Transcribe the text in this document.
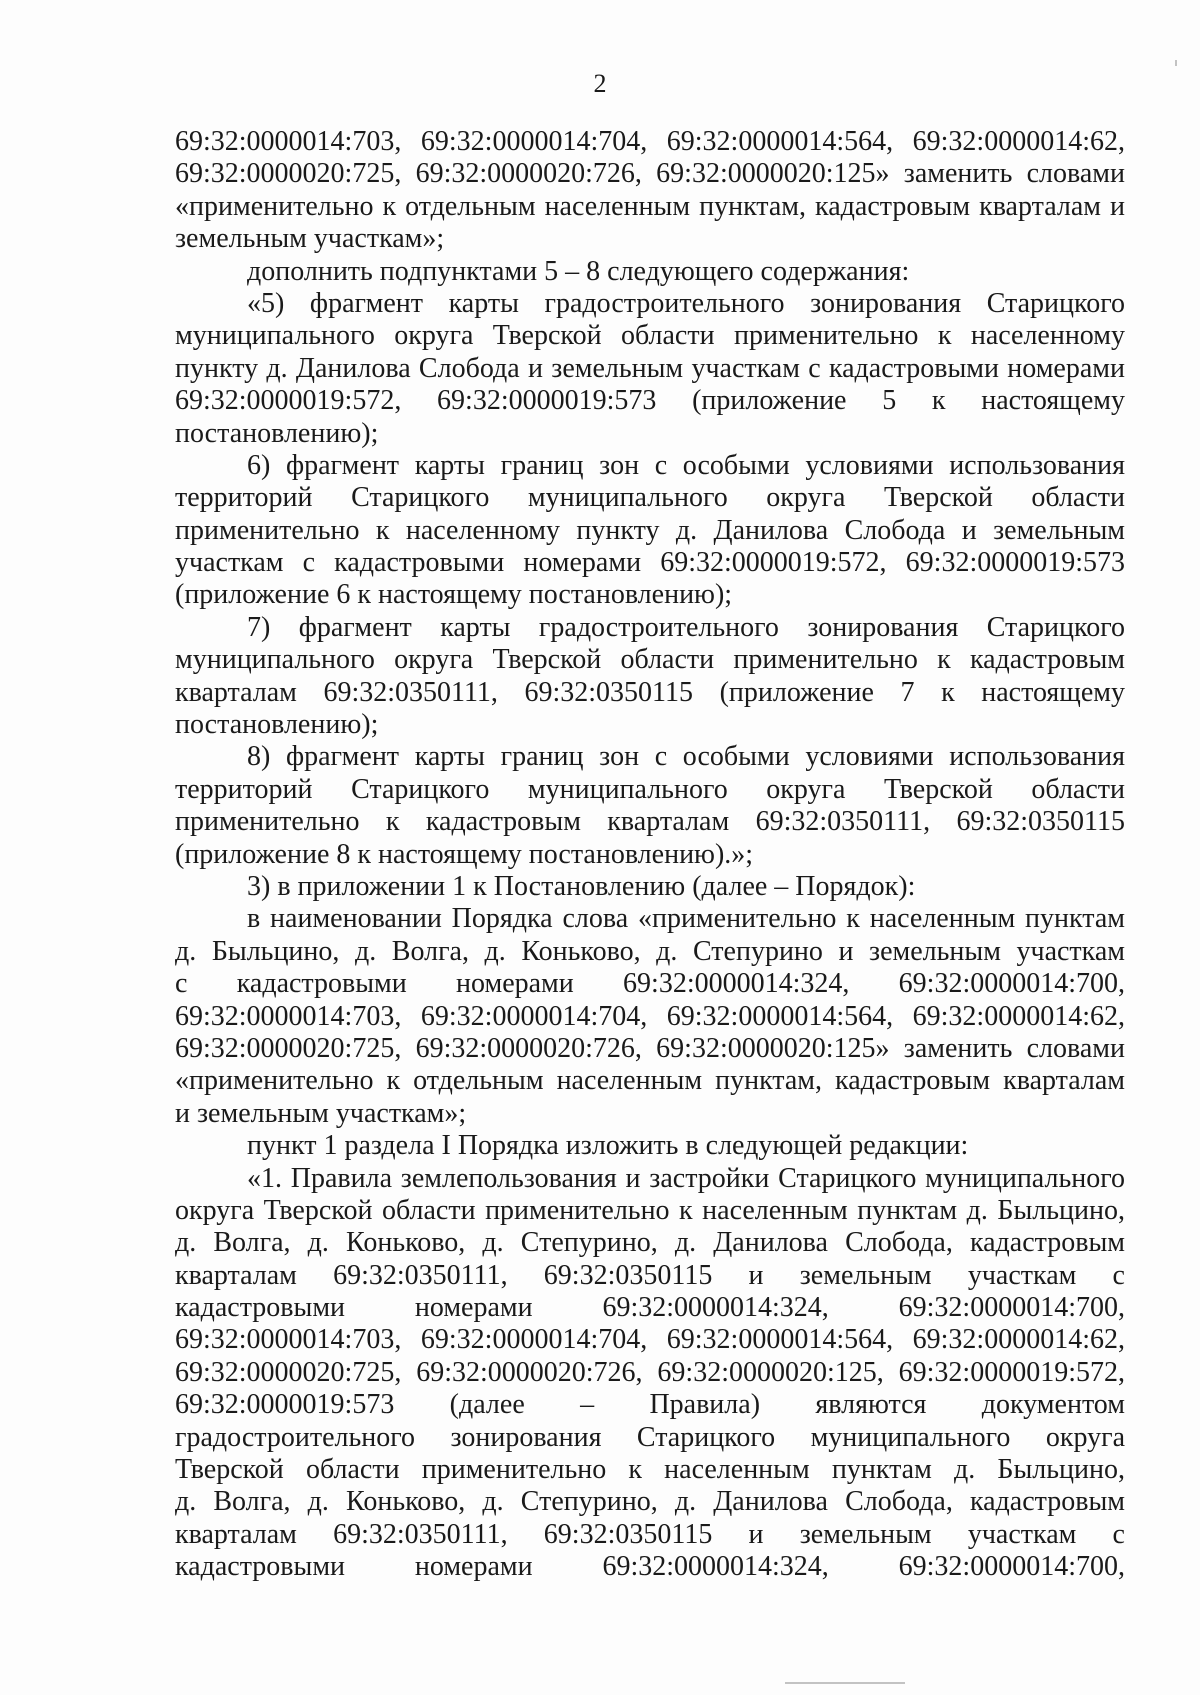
2
69:32:0000014:703, 69:32:0000014:704, 69:32:0000014:564, 69:32:0000014:62,
69:32:0000020:725, 69:32:0000020:726, 69:32:0000020:125» заменить словами
«применительно к отдельным населенным пунктам, кадастровым кварталам и
земельным участкам»;
дополнить подпунктами 5 – 8 следующего содержания:
«5) фрагмент карты градостроительного зонирования Старицкого
муниципального округа Тверской области применительно к населенному
пункту д. Данилова Слобода и земельным участкам с кадастровыми номерами
69:32:0000019:572, 69:32:0000019:573 (приложение 5 к настоящему
постановлению);
6) фрагмент карты границ зон с особыми условиями использования
территорий Старицкого муниципального округа Тверской области
применительно к населенному пункту д. Данилова Слобода и земельным
участкам с кадастровыми номерами 69:32:0000019:572, 69:32:0000019:573
(приложение 6 к настоящему постановлению);
7) фрагмент карты градостроительного зонирования Старицкого
муниципального округа Тверской области применительно к кадастровым
кварталам 69:32:0350111, 69:32:0350115 (приложение 7 к настоящему
постановлению);
8) фрагмент карты границ зон с особыми условиями использования
территорий Старицкого муниципального округа Тверской области
применительно к кадастровым кварталам 69:32:0350111, 69:32:0350115
(приложение 8 к настоящему постановлению).»;
3) в приложении 1 к Постановлению (далее – Порядок):
в наименовании Порядка слова «применительно к населенным пунктам
д. Быльцино, д. Волга, д. Коньково, д. Степурино и земельным участкам
с кадастровыми номерами 69:32:0000014:324, 69:32:0000014:700,
69:32:0000014:703, 69:32:0000014:704, 69:32:0000014:564, 69:32:0000014:62,
69:32:0000020:725, 69:32:0000020:726, 69:32:0000020:125» заменить словами
«применительно к отдельным населенным пунктам, кадастровым кварталам
и земельным участкам»;
пункт 1 раздела I Порядка изложить в следующей редакции:
«1. Правила землепользования и застройки Старицкого муниципального
округа Тверской области применительно к населенным пунктам д. Быльцино,
д. Волга, д. Коньково, д. Степурино, д. Данилова Слобода, кадастровым
кварталам 69:32:0350111, 69:32:0350115 и земельным участкам с
кадастровыми номерами 69:32:0000014:324, 69:32:0000014:700,
69:32:0000014:703, 69:32:0000014:704, 69:32:0000014:564, 69:32:0000014:62,
69:32:0000020:725, 69:32:0000020:726, 69:32:0000020:125, 69:32:0000019:572,
69:32:0000019:573 (далее – Правила) являются документом
градостроительного зонирования Старицкого муниципального округа
Тверской области применительно к населенным пунктам д. Быльцино,
д. Волга, д. Коньково, д. Степурино, д. Данилова Слобода, кадастровым
кварталам 69:32:0350111, 69:32:0350115 и земельным участкам с
кадастровыми номерами 69:32:0000014:324, 69:32:0000014:700,
